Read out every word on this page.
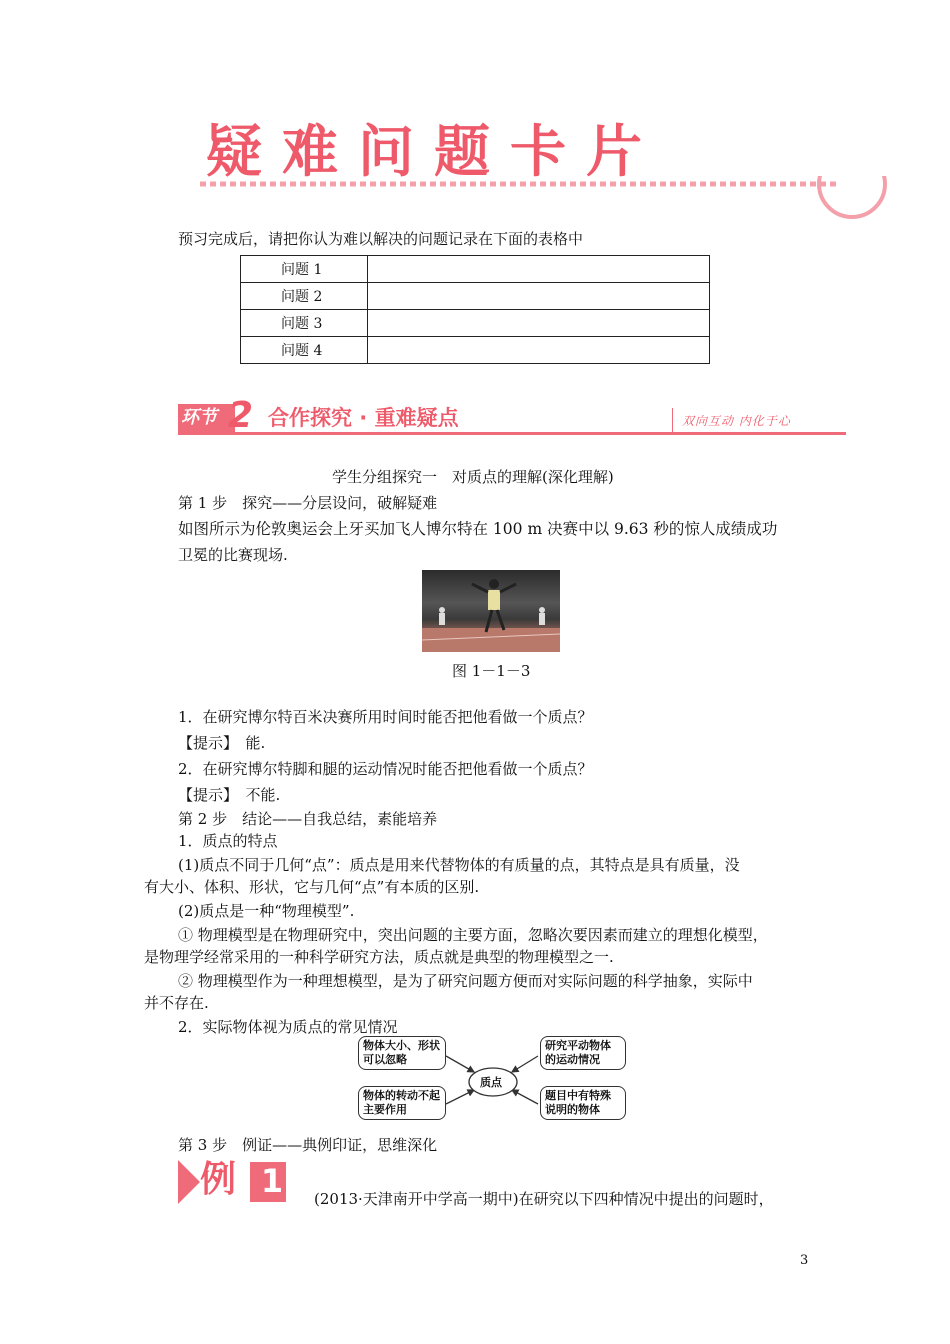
疑难问题卡片
预习完成后，请把你认为难以解决的问题记录在下面的表格中
问题 1	
问题 2	
问题 3	
问题 4	
环节 2 合作探究 · 重难疑点	双向互动 内化于心
学生分组探究一　对质点的理解(深化理解)
第 1 步　探究——分层设问，破解疑难
如图所示为伦敦奥运会上牙买加飞人博尔特在 100 m 决赛中以 9.63 秒的惊人成绩成功
卫冕的比赛现场.
图 1－1－3
1．在研究博尔特百米决赛所用时间时能否把他看做一个质点？
【提示】　能.
2．在研究博尔特脚和腿的运动情况时能否把他看做一个质点？
【提示】　不能.
第 2 步　结论——自我总结，素能培养
1．质点的特点
(1)质点不同于几何“点”：质点是用来代替物体的有质量的点，其特点是具有质量，没
有大小、体积、形状，它与几何“点”有本质的区别.
(2)质点是一种“物理模型”.
① 物理模型是在物理研究中，突出问题的主要方面，忽略次要因素而建立的理想化模型，
是物理学经常采用的一种科学研究方法，质点就是典型的物理模型之一.
② 物理模型作为一种理想模型，是为了研究问题方便而对实际问题的科学抽象，实际中
并不存在.
2．实际物体视为质点的常见情况
质点
物体大小、形状可以忽略
物体的转动不起主要作用
研究平动物体的运动情况
题目中有特殊说明的物体
第 3 步　例证——典例印证，思维深化
例 1	(2013·天津南开中学高一期中)在研究以下四种情况中提出的问题时，
3
